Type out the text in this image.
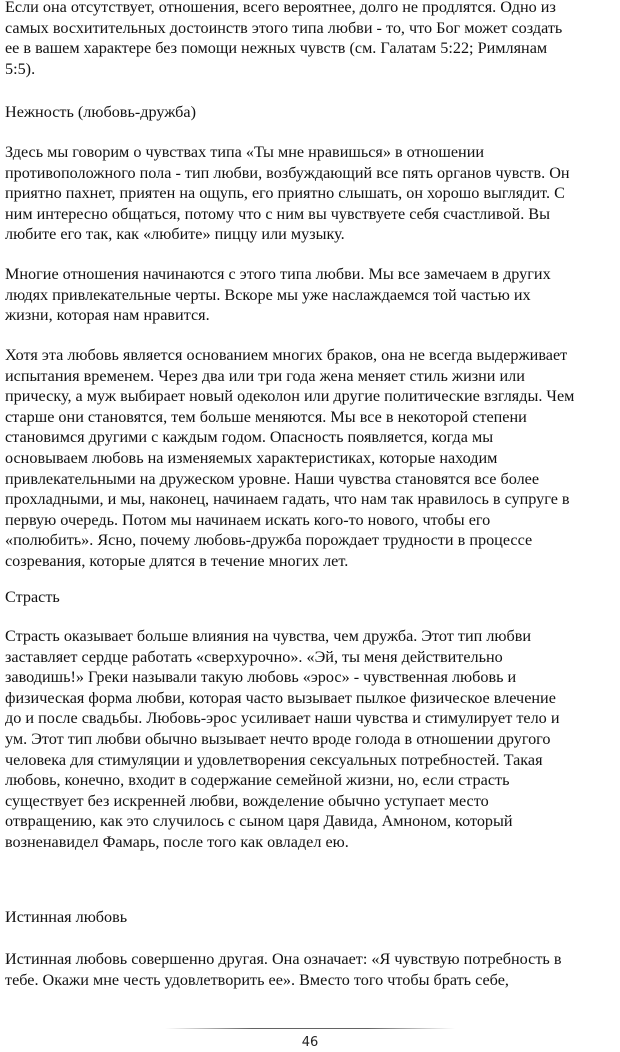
Если она отсутствует, отношения, всего вероятнее, долго не продлятся. Одно из
самых восхитительных достоинств этого типа любви - то, что Бог может создать
ее в вашем характере без помощи нежных чувств (см. Галатам 5:22; Римлянам
5:5).
Нежность (любовь-дружба)
Здесь мы говорим о чувствах типа «Ты мне нравишься» в отношении
противоположного пола - тип любви, возбуждающий все пять органов чувств. Он
приятно пахнет, приятен на ощупь, его приятно слышать, он хорошо выглядит. С
ним интересно общаться, потому что с ним вы чувствуете себя счастливой. Вы
любите его так, как «любите» пиццу или музыку.
Многие отношения начинаются с этого типа любви. Мы все замечаем в других
людях привлекательные черты. Вскоре мы уже наслаждаемся той частью их
жизни, которая нам нравится.
Хотя эта любовь является основанием многих браков, она не всегда выдерживает
испытания временем. Через два или три года жена меняет стиль жизни или
прическу, а муж выбирает новый одеколон или другие политические взгляды. Чем
старше они становятся, тем больше меняются. Мы все в некоторой степени
становимся другими с каждым годом. Опасность появляется, когда мы
основываем любовь на изменяемых характеристиках, которые находим
привлекательными на дружеском уровне. Наши чувства становятся все более
прохладными, и мы, наконец, начинаем гадать, что нам так нравилось в супруге в
первую очередь. Потом мы начинаем искать кого-то нового, чтобы его
«полюбить». Ясно, почему любовь-дружба порождает трудности в процессе
созревания, которые длятся в течение многих лет.
Страсть
Страсть оказывает больше влияния на чувства, чем дружба. Этот тип любви
заставляет сердце работать «сверхурочно». «Эй, ты меня действительно
заводишь!» Греки называли такую любовь «эрос» - чувственная любовь и
физическая форма любви, которая часто вызывает пылкое физическое влечение
до и после свадьбы. Любовь-эрос усиливает наши чувства и стимулирует тело и
ум. Этот тип любви обычно вызывает нечто вроде голода в отношении другого
человека для стимуляции и удовлетворения сексуальных потребностей. Такая
любовь, конечно, входит в содержание семейной жизни, но, если страсть
существует без искренней любви, вожделение обычно уступает место
отвращению, как это случилось с сыном царя Давида, Амноном, который
возненавидел Фамарь, после того как овладел ею.
Истинная любовь
Истинная любовь совершенно другая. Она означает: «Я чувствую потребность в
тебе. Окажи мне честь удовлетворить ее». Вместо того чтобы брать себе,
46
